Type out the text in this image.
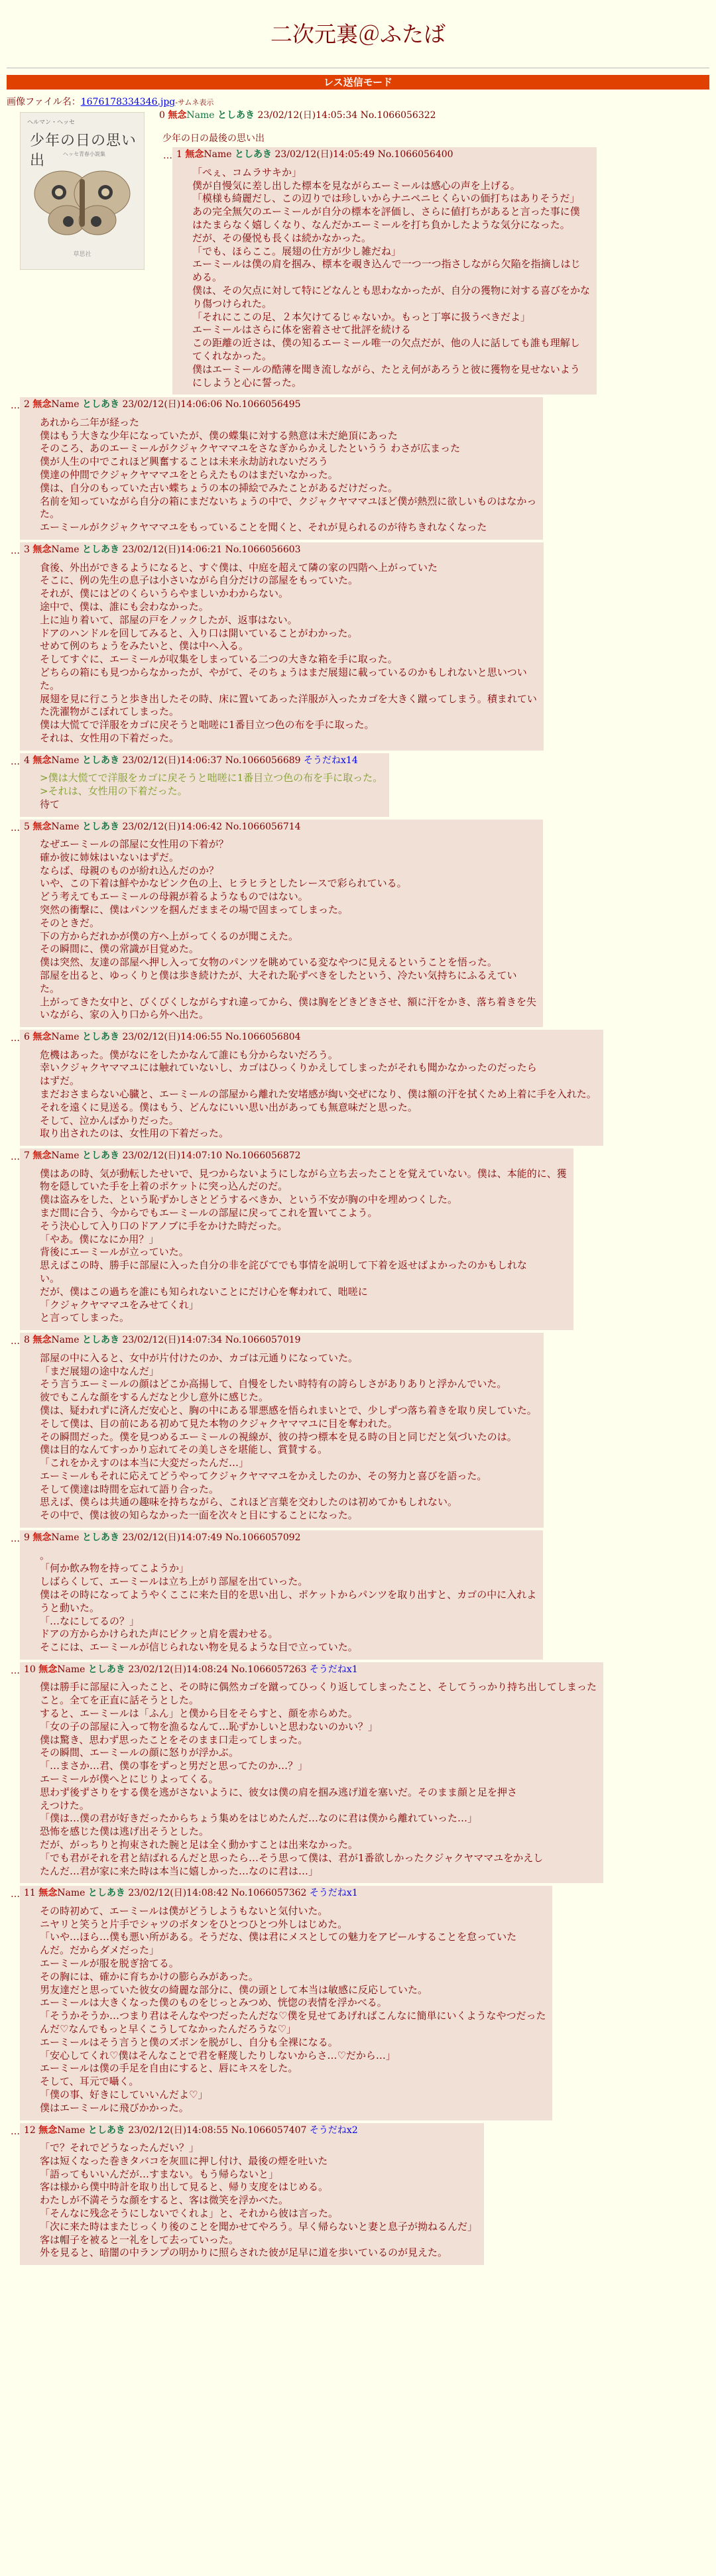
二次元裏＠ふたば
レス送信モード
画像ファイル名：1676178334346.jpg-サムネ表示
ヘルマン・ヘッセ
少年の日の思い出	ヘッセ青春小説集
草思社
0 無念Name としあき 23/02/12(日)14:05:34 No.1066056322
少年の日の最後の思い出
… 1 無念Name としあき 23/02/12(日)14:05:49 No.1066056400
「ぺぇ、コムラサキか」
僕が自慢気に差し出した標本を見ながらエーミールは感心の声を上げる。
「模様も綺麗だし、この辺りでは珍しいからナニペニヒくらいの価打ちはありそうだ」
あの完全無欠のエーミールが自分の標本を評価し、さらに値打ちがあると言った事に僕
はたまらなく嬉しくなり、なんだかエーミールを打ち負かしたような気分になった。
だが、その優悦も長くは続かなかった。
「でも、ほらここ。展翅の仕方が少し雑だね」
エーミールは僕の肩を掴み、標本を覗き込んで一つ一つ指さしながら欠陥を指摘しはじ
める。
僕は、その欠点に対して特にどなんとも思わなかったが、自分の獲物に対する喜びをかな
り傷つけられた。
「それにここの足、２本欠けてるじゃないか。もっと丁寧に扱うべきだよ」
エーミールはさらに体を密着させて批評を続ける
この距離の近さは、僕の知るエーミール唯一の欠点だが、他の人に話しても誰も理解し
てくれなかった。
僕はエーミールの酷薄を聞き流しながら、たとえ何があろうと彼に獲物を見せないよう
にしようと心に誓った。
… 2 無念Name としあき 23/02/12(日)14:06:06 No.1066056495
あれから二年が経った
僕はもう大きな少年になっていたが、僕の蝶集に対する熱意は未だ絶頂にあった
そのころ、あのエーミールがクジャクヤママユをさなぎからかえしたというう わさが広まった
僕が人生の中でこれほど興奮することは未来永劫訪れないだろう
僕達の仲間でクジャクヤママユをとらえたものはまだいなかった。
僕は、自分のもっていた古い蝶ちょうの本の挿絵でみたことがあるだけだった。
名前を知っていながら自分の箱にまだないちょうの中で、クジャクヤママユほど僕が熱烈に欲しいものはなかっ
た。
エーミールがクジャクヤママユをもっていることを聞くと、それが見られるのが待ちきれなくなった
… 3 無念Name としあき 23/02/12(日)14:06:21 No.1066056603
食後、外出ができるようになると、すぐ僕は、中庭を超えて隣の家の四階へ上がっていた
そこに、例の先生の息子は小さいながら自分だけの部屋をもっていた。
それが、僕にはどのくらいうらやましいかわからない。
途中で、僕は、誰にも会わなかった。
上に辿り着いて、部屋の戸をノックしたが、返事はない。
ドアのハンドルを回してみると、入り口は開いていることがわかった。
せめて例のちょうをみたいと、僕は中へ入る。
そしてすぐに、エーミールが収集をしまっている二つの大きな箱を手に取った。
どちらの箱にも見つからなかったが、やがて、そのちょうはまだ展翅に載っているのかもしれないと思いつい
た。
展翅を見に行こうと歩き出したその時、床に置いてあった洋服が入ったカゴを大きく蹴ってしまう。積まれてい
た洗濯物がこぼれてしまった。
僕は大慌てで洋服をカゴに戻そうと咄嗟に1番目立つ色の布を手に取った。
それは、女性用の下着だった。
… 4 無念Name としあき 23/02/12(日)14:06:37 No.1066056689 そうだねx14
>僕は大慌てで洋服をカゴに戻そうと咄嗟に1番目立つ色の布を手に取った。
>それは、女性用の下着だった。
待て
… 5 無念Name としあき 23/02/12(日)14:06:42 No.1066056714
なぜエーミールの部屋に女性用の下着が？
確か彼に姉妹はいないはずだ。
ならば、母親のものが紛れ込んだのか？
いや、この下着は鮮やかなピンク色の上、ヒラヒラとしたレースで彩られている。
どう考えてもエーミールの母親が着るようなものではない。
突然の衝撃に、僕はパンツを掴んだままその場で固まってしまった。
そのときだ。
下の方からだれかが僕の方へ上がってくるのが聞こえた。
その瞬間に、僕の常識が目覚めた。
僕は突然、友達の部屋へ押し入って女物のパンツを眺めている変なやつに見えるということを悟った。
部屋を出ると、ゆっくりと僕は歩き続けたが、大それた恥ずべきをしたという、冷たい気持ちにふるえてい
た。
上がってきた女中と、びくびくしながらすれ違ってから、僕は胸をどきどきさせ、額に汗をかき、落ち着きを失
いながら、家の入り口から外へ出た。
… 6 無念Name としあき 23/02/12(日)14:06:55 No.1066056804
危機はあった。僕がなにをしたかなんて誰にも分からないだろう。
幸いクジャクヤママユには触れていないし、カゴはひっくりかえしてしまったがそれも聞かなかったのだったら
はずだ。
まだおさまらない心臓と、エーミールの部屋から離れた安堵感が綯い交ぜになり、僕は額の汗を拭くため上着に手を入れた。
それを遠くに見送る。僕はもう、どんなにいい思い出があっても無意味だと思った。
そして、泣かんばかりだった。
取り出されたのは、女性用の下着だった。
… 7 無念Name としあき 23/02/12(日)14:07:10 No.1066056872
僕はあの時、気が動転したせいで、見つからないようにしながら立ち去ったことを覚えていない。僕は、本能的に、獲
物を隠していた手を上着のポケットに突っ込んだのだ。
僕は盗みをした、という恥ずかしさとどうするべきか、という不安が胸の中を埋めつくした。
まだ間に合う、今からでもエーミールの部屋に戻ってこれを置いてこよう。
そう決心して入り口のドアノブに手をかけた時だった。
「やあ。僕になにか用？」
背後にエーミールが立っていた。
思えばこの時、勝手に部屋に入った自分の非を詫びてでも事情を説明して下着を返せばよかったのかもしれな
い。
だが、僕はこの過ちを誰にも知られないことにだけ心を奪われて、咄嗟に
「クジャクヤママユをみせてくれ」
と言ってしまった。
… 8 無念Name としあき 23/02/12(日)14:07:34 No.1066057019
部屋の中に入ると、女中が片付けたのか、カゴは元通りになっていた。
「まだ展翅の途中なんだ」
そう言うエーミールの顔はどこか高揚して、自慢をしたい時特有の誇らしさがありありと浮かんでいた。
彼でもこんな顔をするんだなと少し意外に感じた。
僕は、疑われずに済んだ安心と、胸の中にある罪悪感を悟られまいとで、少しずつ落ち着きを取り戻していた。
そして僕は、目の前にある初めて見た本物のクジャクヤママユに目を奪われた。
その瞬間だった。僕を見つめるエーミールの視線が、彼の持つ標本を見る時の目と同じだと気づいたのは。
僕は目的なんてすっかり忘れてその美しさを堪能し、賞賛する。
「これをかえすのは本当に大変だったんだ…」
エーミールもそれに応えてどうやってクジャクヤママユをかえしたのか、その努力と喜びを語った。
そして僕達は時間を忘れて語り合った。
思えば、僕らは共通の趣味を持ちながら、これほど言葉を交わしたのは初めてかもしれない。
その中で、僕は彼の知らなかった一面を次々と目にすることになった。
… 9 無念Name としあき 23/02/12(日)14:07:49 No.1066057092
。
「何か飲み物を持ってこようか」
しばらくして、エーミールは立ち上がり部屋を出ていった。
僕はその時になってようやくここに来た目的を思い出し、ポケットからパンツを取り出すと、カゴの中に入れよ
うと動いた。
「…なにしてるの？」
ドアの方からかけられた声にビクッと肩を震わせる。
そこには、エーミールが信じられない物を見るような目で立っていた。
… 10 無念Name としあき 23/02/12(日)14:08:24 No.1066057263 そうだねx1
僕は勝手に部屋に入ったこと、その時に偶然カゴを蹴ってひっくり返してしまったこと、そしてうっかり持ち出してしまった
こと。全てを正直に話そうとした。
すると、エーミールは「ふん」と僕から目をそらすと、顔を赤らめた。
「女の子の部屋に入って物を漁るなんて…恥ずかしいと思わないのかい？」
僕は驚き、思わず思ったことをそのまま口走ってしまった。
その瞬間、エーミールの顔に怒りが浮かぶ。
「…まさか…君、僕の事をずっと男だと思ってたのか…？」
エーミールが僕へとにじりよってくる。
思わず後ずさりをする僕を逃がさないように、彼女は僕の肩を掴み逃げ道を塞いだ。そのまま顔と足を押さ
えつけた。
「僕は…僕の君が好きだったからちょう集めをはじめたんだ…なのに君は僕から離れていった…」
恐怖を感じた僕は逃げ出そうとした。
だが、がっちりと拘束された腕と足は全く動かすことは出来なかった。
「でも君がそれを君と結ばれるんだと思ったら…そう思って僕は、君が1番欲しかったクジャクヤママユをかえし
たんだ…君が家に来た時は本当に嬉しかった…なのに君は…」
… 11 無念Name としあき 23/02/12(日)14:08:42 No.1066057362 そうだねx1
その時初めて、エーミールは僕がどうしようもないと気付いた。
ニヤリと笑うと片手でシャツのボタンをひとつひとつ外しはじめた。
「いや…ほら…僕も悪い所がある。そうだな、僕は君にメスとしての魅力をアピールすることを怠っていた
んだ。だからダメだった」
エーミールが服を脱ぎ捨てる。
その胸には、確かに育ちかけの膨らみがあった。
男友達だと思っていた彼女の綺麗な部分に、僕の頭として本当は敏感に反応していた。
エーミールは大きくなった僕のものをじっとみつめ、恍惚の表情を浮かべる。
「そうかそうか…つまり君はそんなやつだったんだな♡僕を見せてあげればこんなに簡単にいくようなやつだった
んだ♡なんでもっと早くこうしてなかったんだろうな♡」
エーミールはそう言うと僕のズボンを脱がし、自分も全裸になる。
「安心してくれ♡僕はそんなことで君を軽蔑したりしないからさ…♡だから…」
エーミールは僕の手足を自由にすると、唇にキスをした。
そして、耳元で囁く。
「僕の事、好きにしていいんだよ♡」
僕はエーミールに飛びかかった。
… 12 無念Name としあき 23/02/12(日)14:08:55 No.1066057407 そうだねx2
「で？それでどうなったんだい？」
客は短くなった巻きタバコを灰皿に押し付け、最後の煙を吐いた
「語ってもいいんだが…すまない。もう帰らないと」
客は様から僕中時計を取り出して見ると、帰り支度をはじめる。
わたしが不満そうな顔をすると、客は微笑を浮かべた。
「そんなに残念そうにしないでくれよ」と、それから彼は言った。
「次に来た時はまたじっくり後のことを聞かせてやろう。早く帰らないと妻と息子が拗ねるんだ」
客は帽子を被ると一礼をして去っていった。
外を見ると、暗闇の中ランプの明かりに照らされた彼が足早に道を歩いているのが見えた。
